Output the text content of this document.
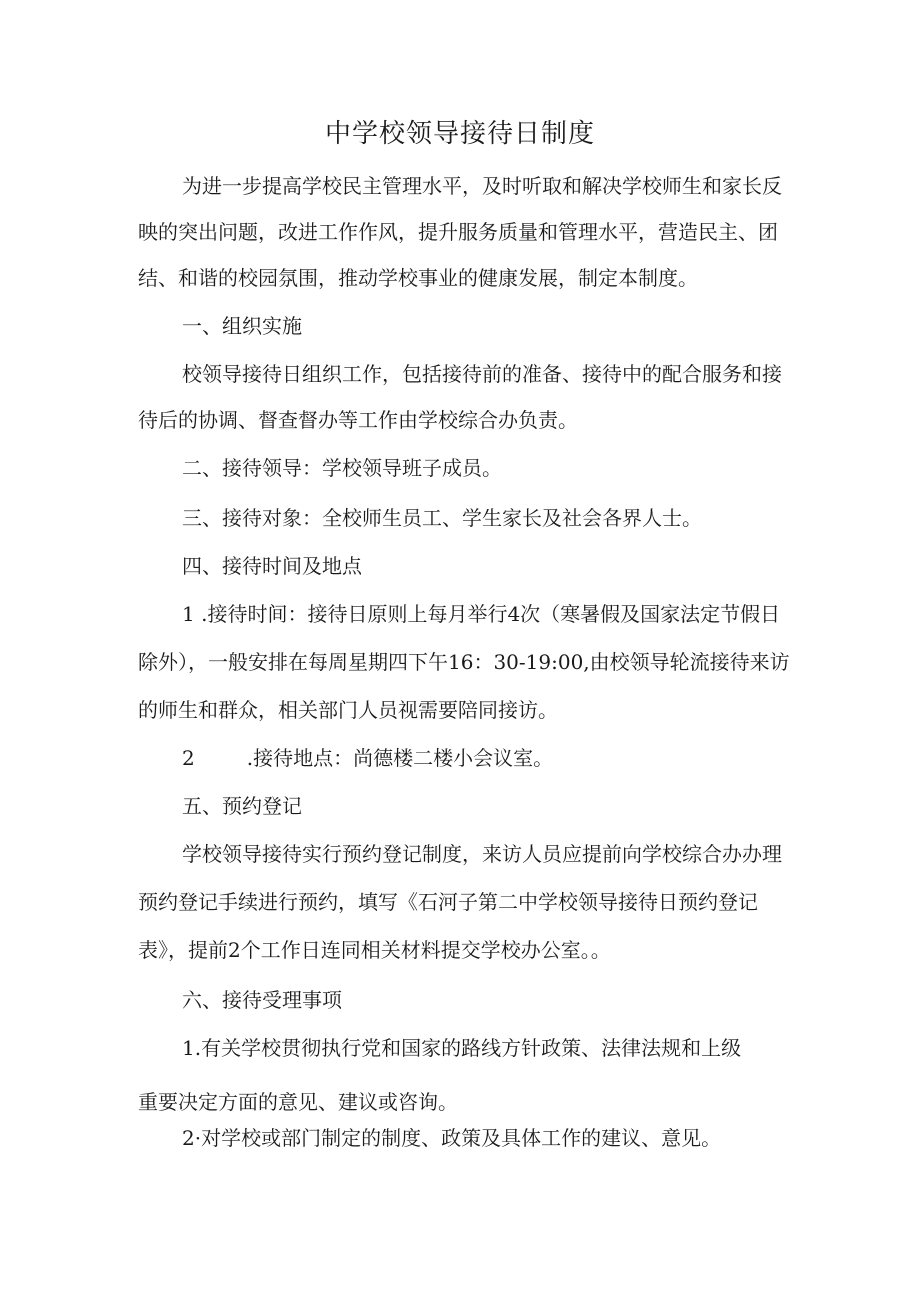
中学校领导接待日制度
为进一步提高学校民主管理水平，及时听取和解决学校师生和家长反
映的突出问题，改进工作作风，提升服务质量和管理水平，营造民主、团
结、和谐的校园氛围，推动学校事业的健康发展，制定本制度。
一、组织实施
校领导接待日组织工作，包括接待前的准备、接待中的配合服务和接
待后的协调、督查督办等工作由学校综合办负责。
二、接待领导：学校领导班子成员。
三、接待对象：全校师生员工、学生家长及社会各界人士。
四、接待时间及地点
1 .接待时间：接待日原则上每月举行4次（寒暑假及国家法定节假日
除外），一般安排在每周星期四下午16：30-19:00,由校领导轮流接待来访
的师生和群众，相关部门人员视需要陪同接访。
2	.接待地点：尚德楼二楼小会议室。
五、预约登记
学校领导接待实行预约登记制度，来访人员应提前向学校综合办办理
预约登记手续进行预约，填写《石河子第二中学校领导接待日预约登记
表》，提前2个工作日连同相关材料提交学校办公室。。
六、接待受理事项
1.有关学校贯彻执行党和国家的路线方针政策、法律法规和上级
重要决定方面的意见、建议或咨询。
2·对学校或部门制定的制度、政策及具体工作的建议、意见。
